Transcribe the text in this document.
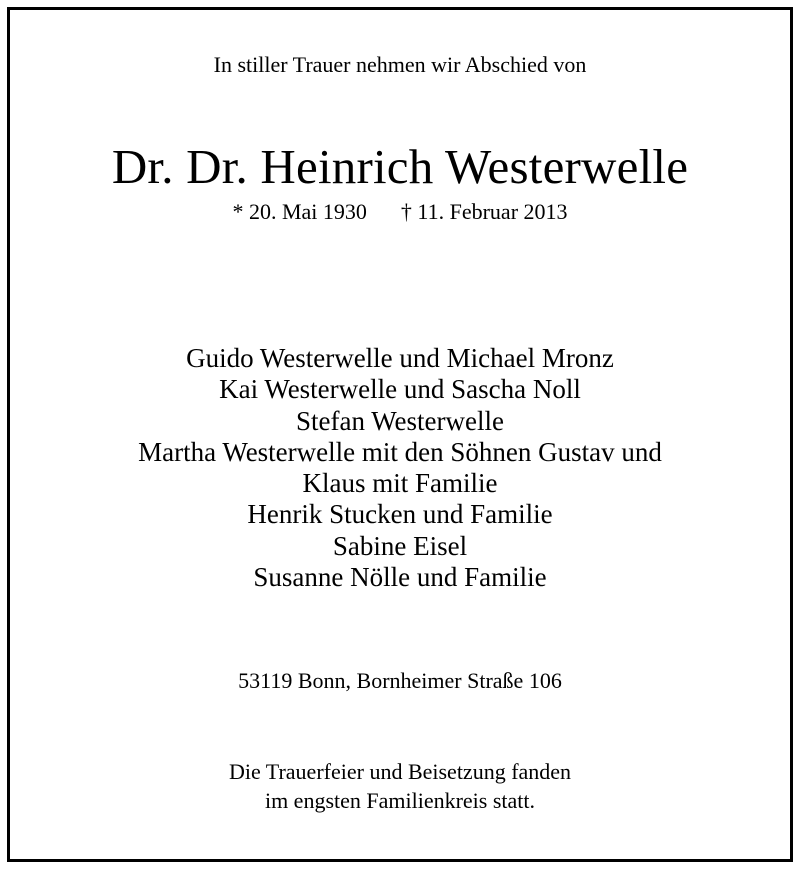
In stiller Trauer nehmen wir Abschied von
Dr. Dr. Heinrich Westerwelle
* 20. Mai 1930 † 11. Februar 2013
Guido Westerwelle und Michael Mronz
Kai Westerwelle und Sascha Noll
Stefan Westerwelle
Martha Westerwelle mit den Söhnen Gustav und
Klaus mit Familie
Henrik Stucken und Familie
Sabine Eisel
Susanne Nölle und Familie
53119 Bonn, Bornheimer Straße 106
Die Trauerfeier und Beisetzung fanden
im engsten Familienkreis statt.
